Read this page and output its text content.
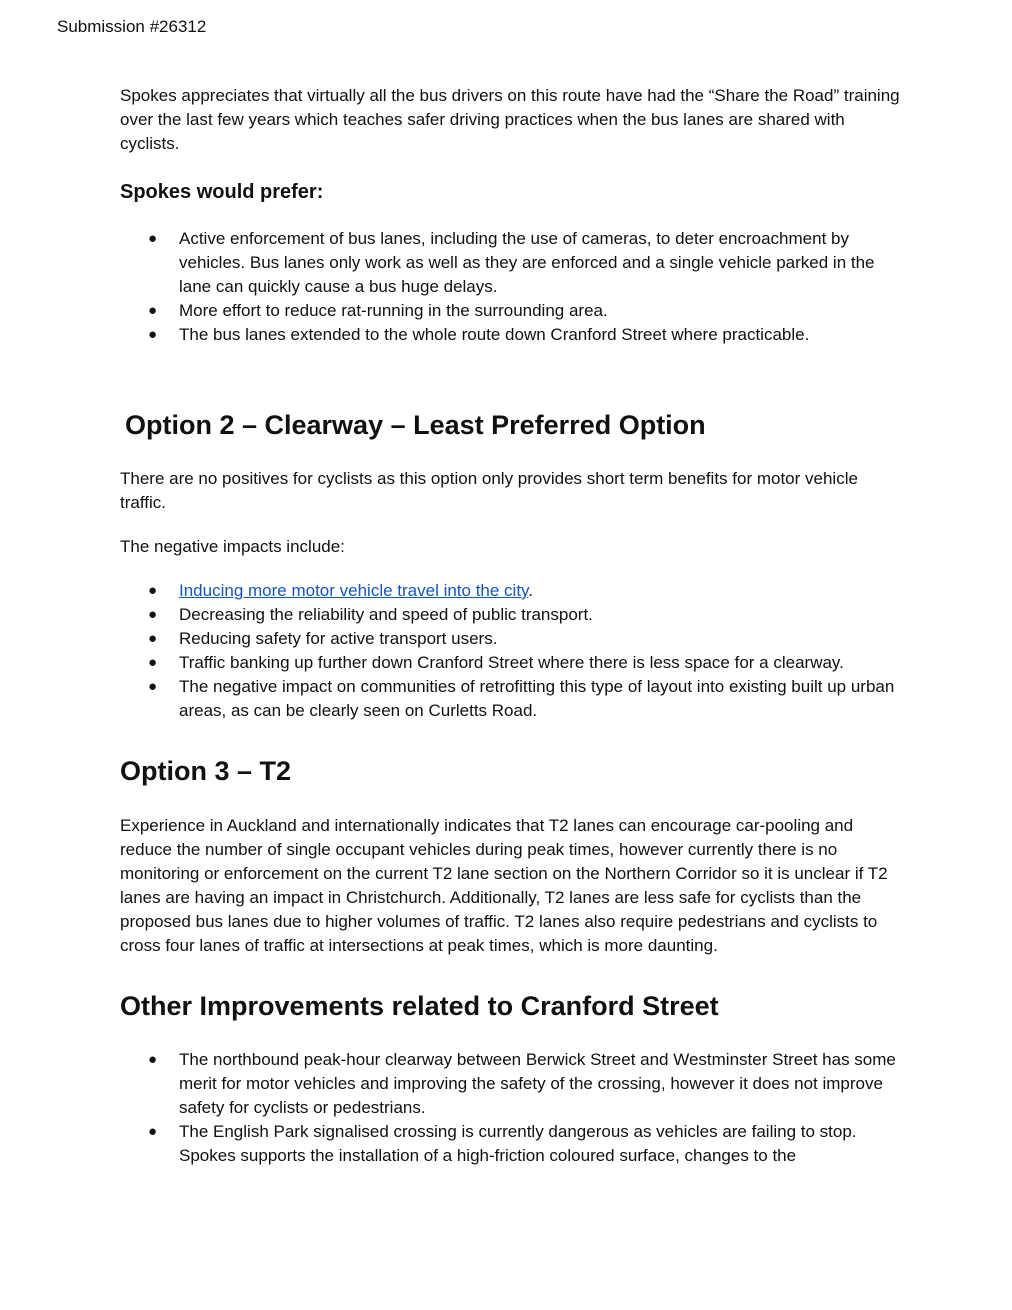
Submission #26312

Spokes appreciates that virtually all the bus drivers on this route have had the “Share the Road” training over the last few years which teaches safer driving practices when the bus lanes are shared with cyclists.

Spokes would prefer:
● Active enforcement of bus lanes, including the use of cameras, to deter encroachment by vehicles. Bus lanes only work as well as they are enforced and a single vehicle parked in the lane can quickly cause a bus huge delays.
● More effort to reduce rat-running in the surrounding area.
● The bus lanes extended to the whole route down Cranford Street where practicable.
Option 2 – Clearway – Least Preferred Option

There are no positives for cyclists as this option only provides short term benefits for motor vehicle traffic.

The negative impacts include:

● Inducing more motor vehicle travel into the city.
● Decreasing the reliability and speed of public transport.
● Reducing safety for active transport users.
● Traffic banking up further down Cranford Street where there is less space for a clearway.
● The negative impact on communities of retrofitting this type of layout into existing built up urban areas, as can be clearly seen on Curletts Road.
Option 3 – T2

Experience in Auckland and internationally indicates that T2 lanes can encourage car-pooling and reduce the number of single occupant vehicles during peak times, however currently there is no monitoring or enforcement on the current T2 lane section on the Northern Corridor so it is unclear if T2 lanes are having an impact in Christchurch. Additionally, T2 lanes are less safe for cyclists than the proposed bus lanes due to higher volumes of traffic. T2 lanes also require pedestrians and cyclists to cross four lanes of traffic at intersections at peak times, which is more daunting.

Other Improvements related to Cranford Street
● The northbound peak-hour clearway between Berwick Street and Westminster Street has some merit for motor vehicles and improving the safety of the crossing, however it does not improve safety for cyclists or pedestrians.
● The English Park signalised crossing is currently dangerous as vehicles are failing to stop. Spokes supports the installation of a high-friction coloured surface, changes to the
